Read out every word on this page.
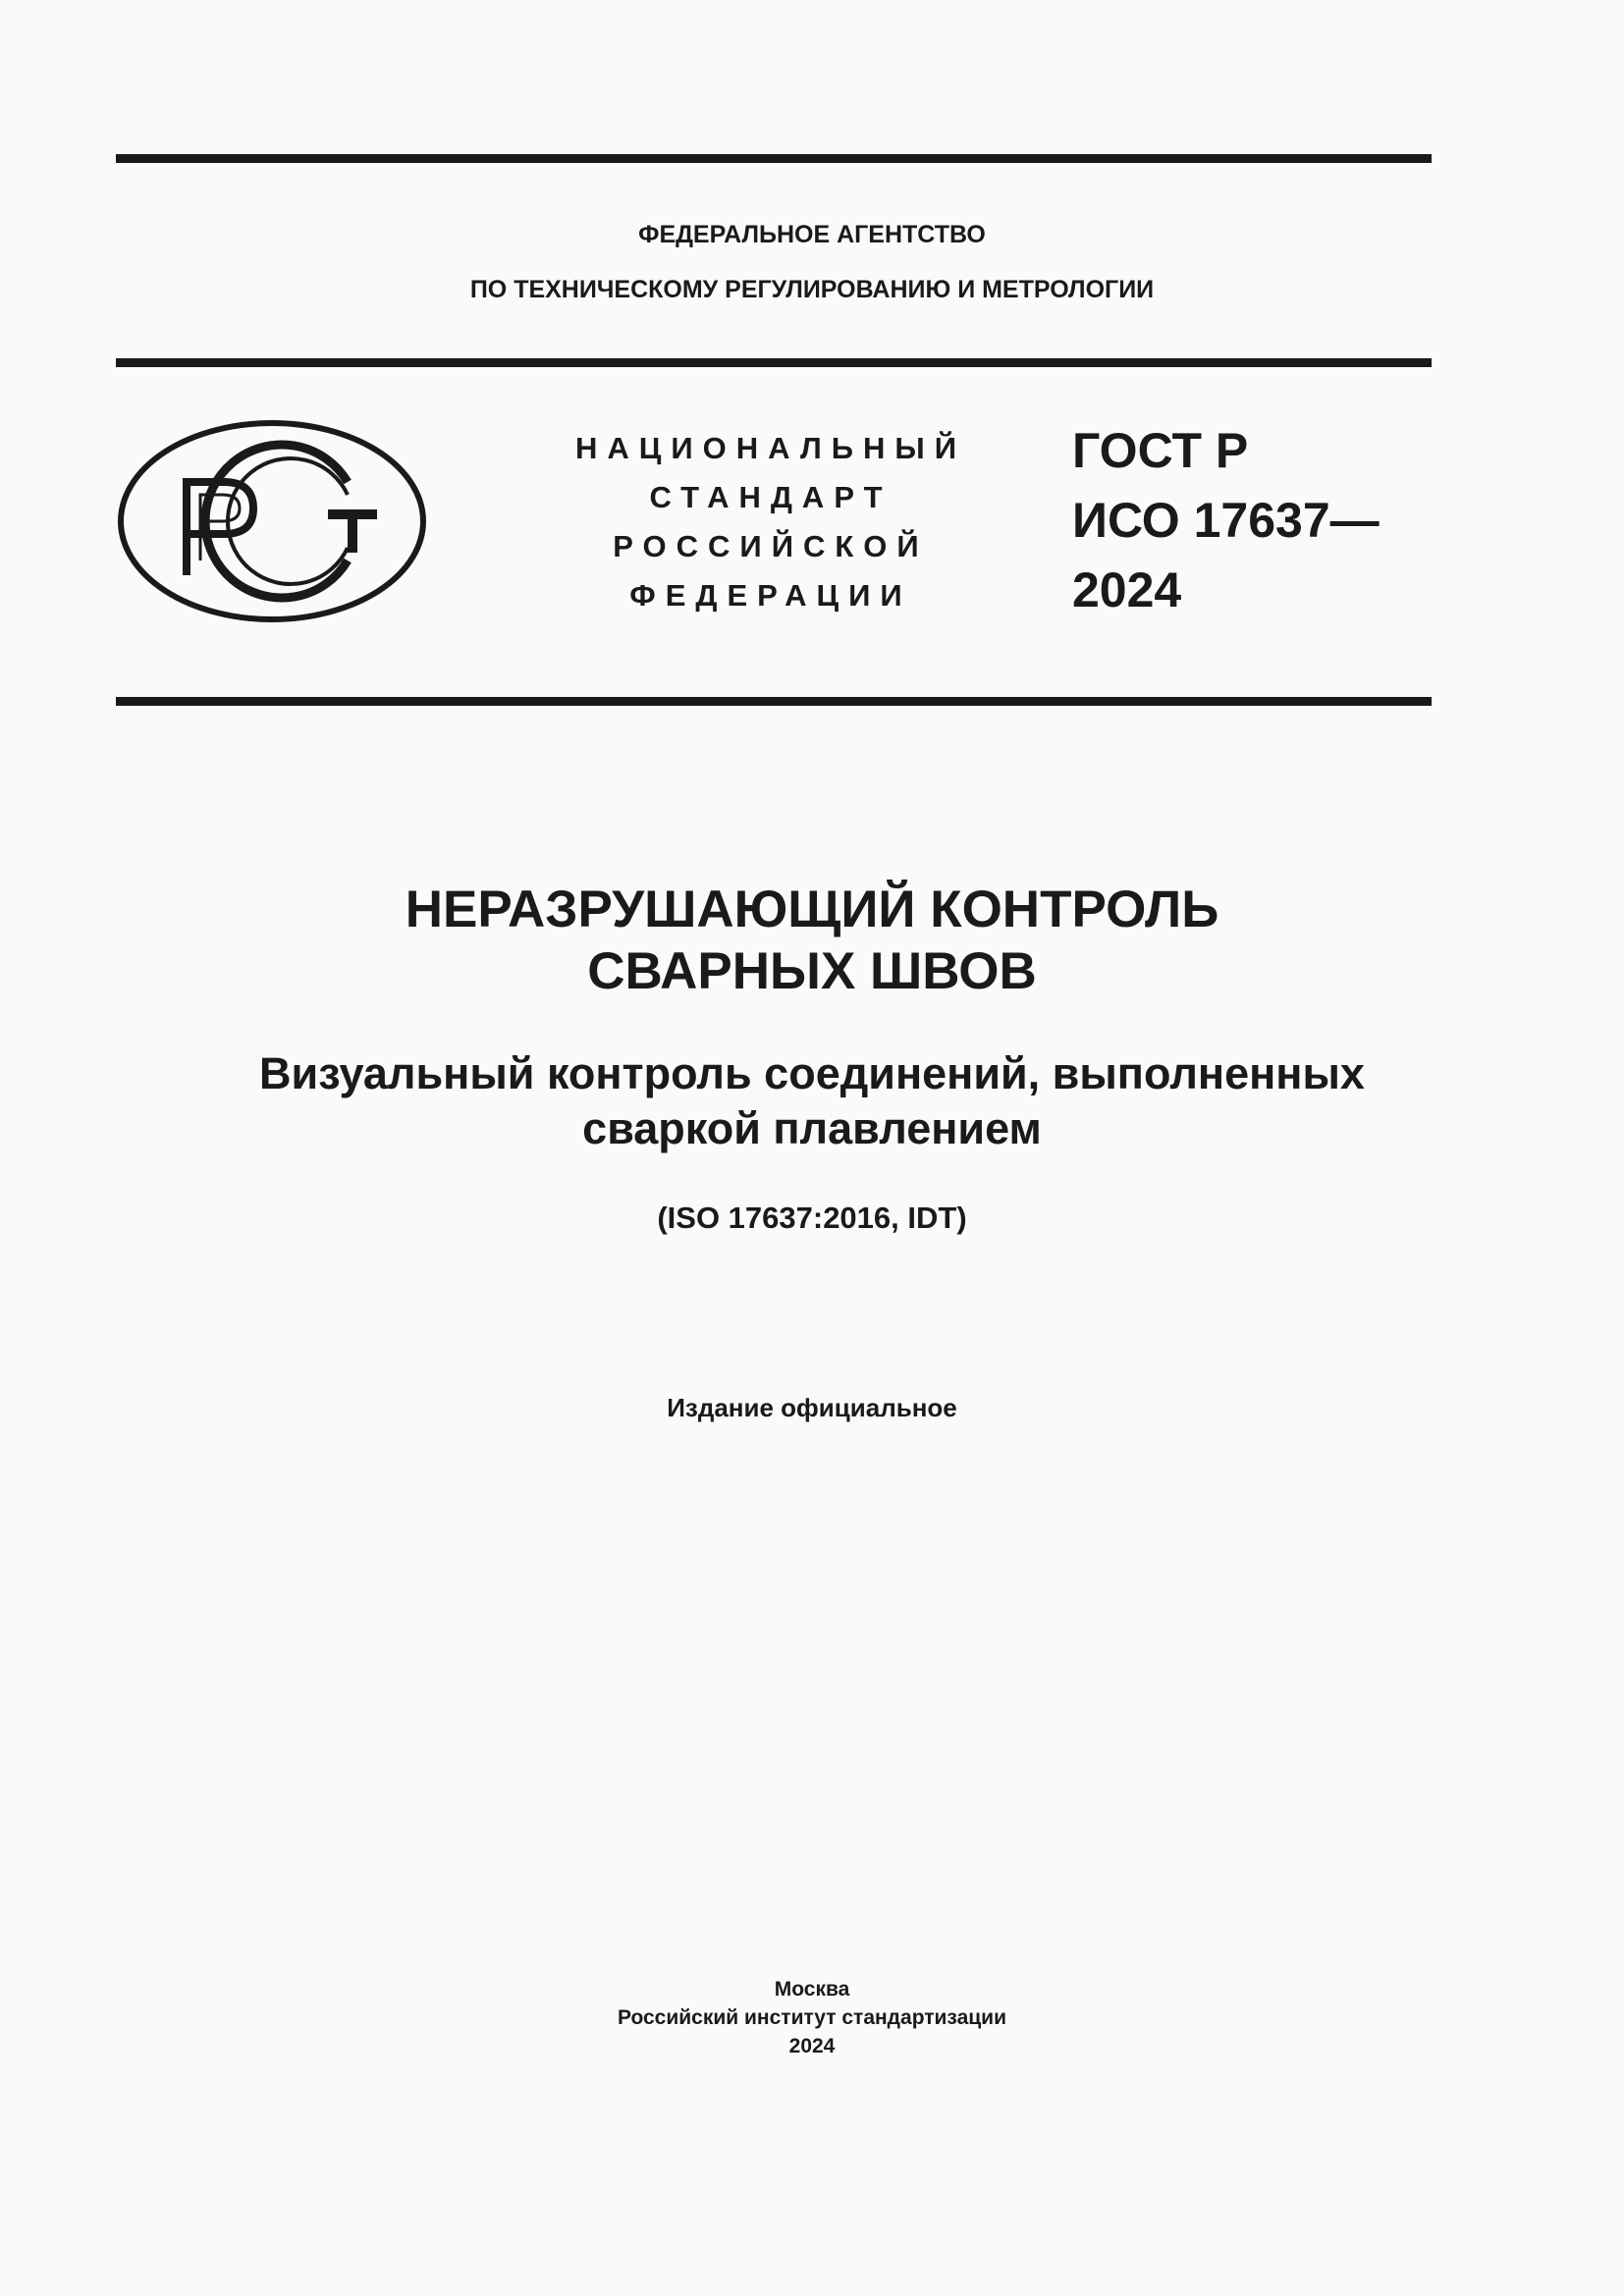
ФЕДЕРАЛЬНОЕ АГЕНТСТВО
ПО ТЕХНИЧЕСКОМУ РЕГУЛИРОВАНИЮ И МЕТРОЛОГИИ
НАЦИОНАЛЬНЫЙ
СТАНДАРТ
РОССИЙСКОЙ
ФЕДЕРАЦИИ
ГОСТ Р
ИСО 17637—
2024
НЕРАЗРУШАЮЩИЙ КОНТРОЛЬ
СВАРНЫХ ШВОВ
Визуальный контроль соединений, выполненных
сваркой плавлением
(ISO 17637:2016, IDT)
Издание официальное
Москва
Российский институт стандартизации
2024
